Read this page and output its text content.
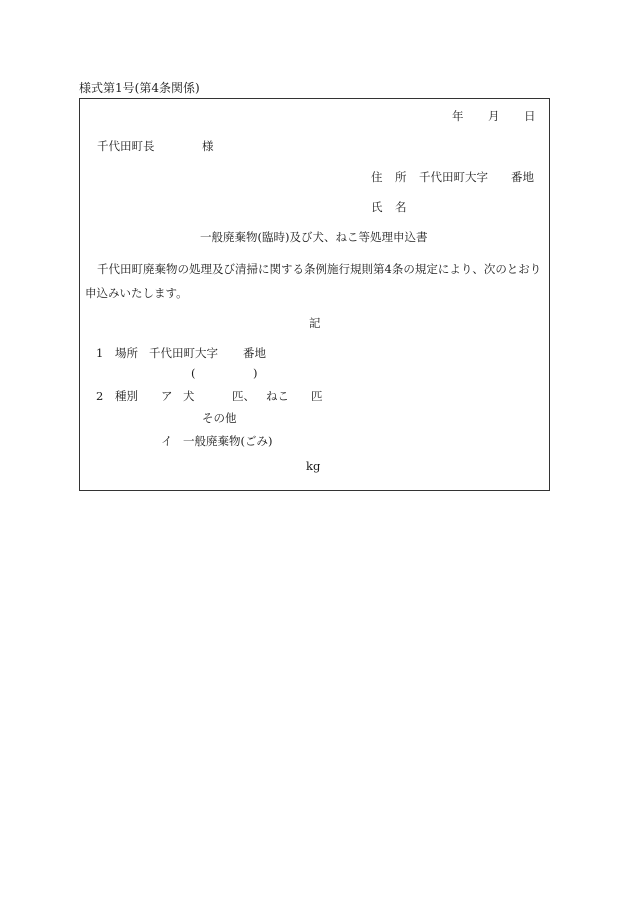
様式第1号(第4条関係)
年 月 日
千代田町長	様
住 所 千代田町大字 番地
氏 名
一般廃棄物(臨時)及び犬、ねこ等処理申込書
千代田町廃棄物の処理及び清掃に関する条例施行規則第4条の規定により、次のとおり
申込みいたします。
記
1 場所 千代田町大字 番地
(	)
2 種別 ア 犬	匹、 ねこ 匹
その他
イ 一般廃棄物(ごみ)
kg
